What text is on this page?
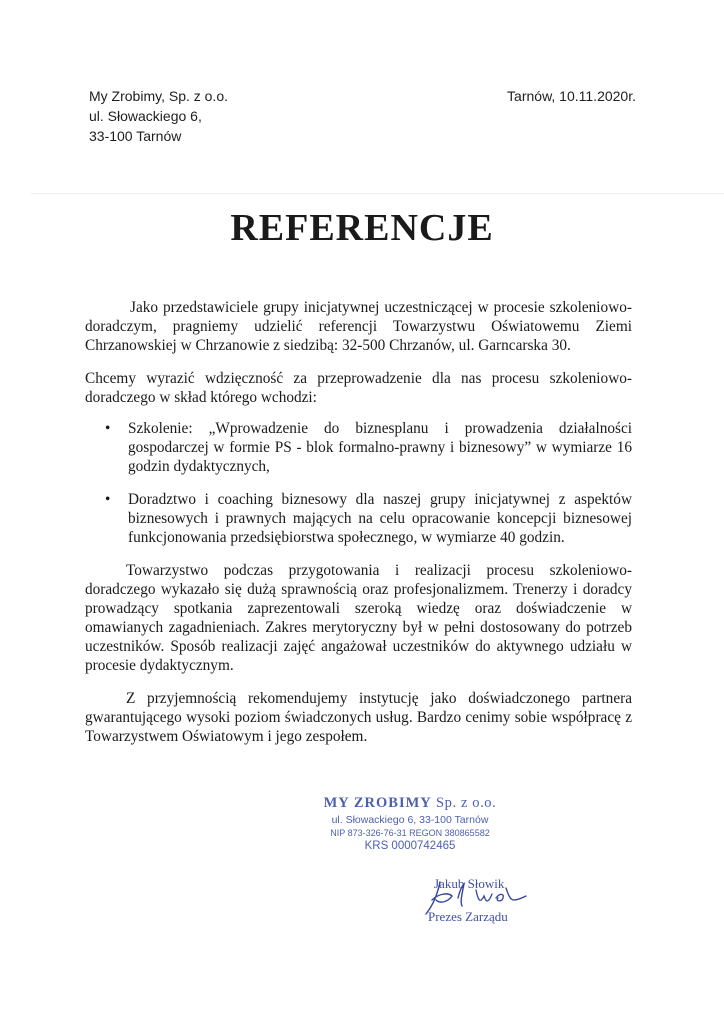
My Zrobimy, Sp. z o.o.
ul. Słowackiego 6,
33-100 Tarnów
Tarnów, 10.11.2020r.
REFERENCJE

Jako przedstawiciele grupy inicjatywnej uczestniczącej w procesie szkoleniowo-doradczym, pragniemy udzielić referencji Towarzystwu Oświatowemu Ziemi Chrzanowskiej w Chrzanowie z siedzibą: 32-500 Chrzanów, ul. Garncarska 30.

Chcemy wyrazić wdzięczność za przeprowadzenie dla nas procesu szkoleniowo-doradczego w skład którego wchodzi:

• Szkolenie: „Wprowadzenie do biznesplanu i prowadzenia działalności gospodarczej w formie PS - blok formalno-prawny i biznesowy” w wymiarze 16 godzin dydaktycznych,
• Doradztwo i coaching biznesowy dla naszej grupy inicjatywnej z aspektów biznesowych i prawnych mających na celu opracowanie koncepcji biznesowej funkcjonowania przedsiębiorstwa społecznego, w wymiarze 40 godzin.

Towarzystwo podczas przygotowania i realizacji procesu szkoleniowo-doradczego wykazało się dużą sprawnością oraz profesjonalizmem. Trenerzy i doradcy prowadzący spotkania zaprezentowali szeroką wiedzę oraz doświadczenie w omawianych zagadnieniach. Zakres merytoryczny był w pełni dostosowany do potrzeb uczestników. Sposób realizacji zajęć angażował uczestników do aktywnego udziału w procesie dydaktycznym.

Z przyjemnością rekomendujemy instytucję jako doświadczonego partnera gwarantującego wysoki poziom świadczonych usług. Bardzo cenimy sobie współpracę z Towarzystwem Oświatowym i jego zespołem.

MY ZROBIMY Sp. z o.o.
ul. Słowackiego 6, 33-100 Tarnów
NIP 873-326-76-31 REGON 380865582
KRS 0000742465
Jakub Słowik
Prezes Zarządu
